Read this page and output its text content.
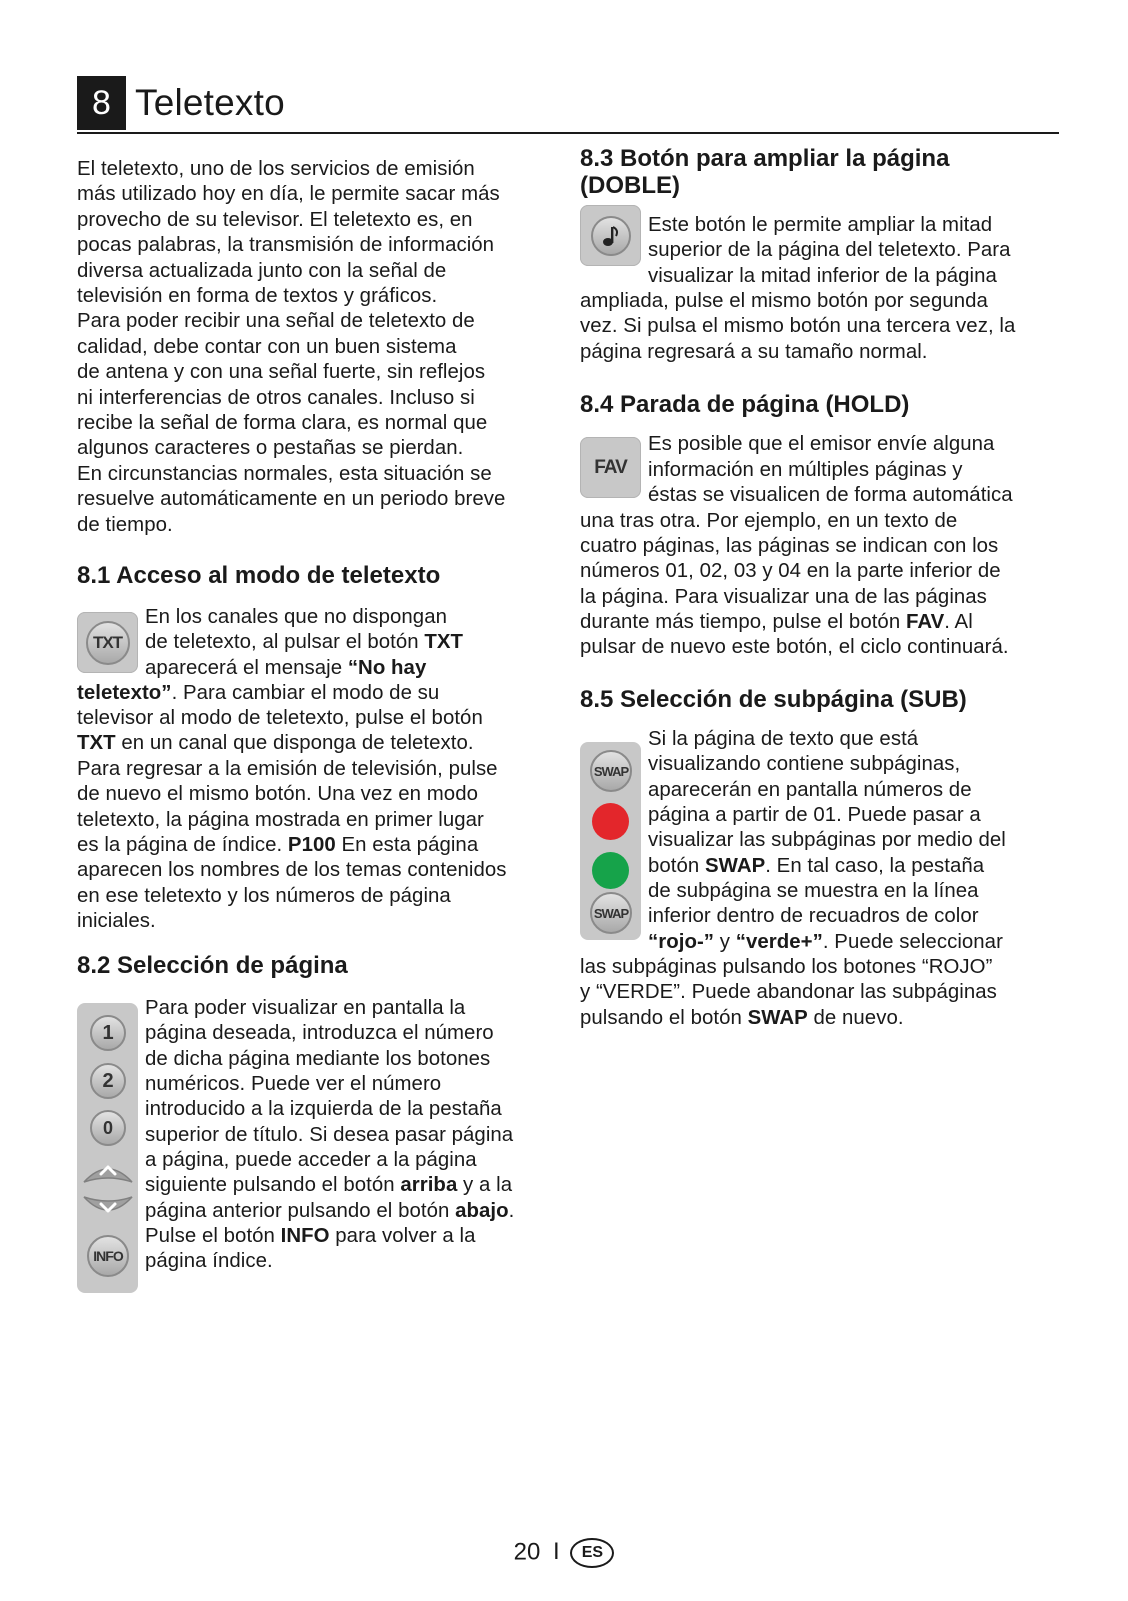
8 Teletexto
El teletexto, uno de los servicios de emisión
más utilizado hoy en día, le permite sacar más
provecho de su televisor. El teletexto es, en
pocas palabras, la transmisión de información
diversa actualizada junto con la señal de
televisión en forma de textos y gráficos.
Para poder recibir una señal de teletexto de
calidad, debe contar con un buen sistema
de antena y con una señal fuerte, sin reflejos
ni interferencias de otros canales. Incluso si
recibe la señal de forma clara, es normal que
algunos caracteres o pestañas se pierdan.
En circunstancias normales, esta situación se
resuelve automáticamente en un periodo breve
de tiempo.
8.1 Acceso al modo de teletexto
TXT
En los canales que no dispongan
de teletexto, al pulsar el botón TXT
aparecerá el mensaje “No hay
teletexto”. Para cambiar el modo de su
televisor al modo de teletexto, pulse el botón
TXT en un canal que disponga de teletexto.
Para regresar a la emisión de televisión, pulse
de nuevo el mismo botón. Una vez en modo
teletexto, la página mostrada en primer lugar
es la página de índice. P100 En esta página
aparecen los nombres de los temas contenidos
en ese teletexto y los números de página
iniciales.
8.2 Selección de página
1
2
0
INFO
Para poder visualizar en pantalla la
página deseada, introduzca el número
de dicha página mediante los botones
numéricos. Puede ver el número
introducido a la izquierda de la pestaña
superior de título. Si desea pasar página
a página, puede acceder a la página
siguiente pulsando el botón arriba y a la
página anterior pulsando el botón abajo.
Pulse el botón INFO para volver a la
página índice.
8.3 Botón para ampliar la página
(DOBLE)
Este botón le permite ampliar la mitad
superior de la página del teletexto. Para
visualizar la mitad inferior de la página
ampliada, pulse el mismo botón por segunda
vez. Si pulsa el mismo botón una tercera vez, la
página regresará a su tamaño normal.
8.4 Parada de página (HOLD)
FAV
Es posible que el emisor envíe alguna
información en múltiples páginas y
éstas se visualicen de forma automática
una tras otra. Por ejemplo, en un texto de
cuatro páginas, las páginas se indican con los
números 01, 02, 03 y 04 en la parte inferior de
la página. Para visualizar una de las páginas
durante más tiempo, pulse el botón FAV. Al
pulsar de nuevo este botón, el ciclo continuará.
8.5 Selección de subpágina (SUB)
SWAP
SWAP
Si la página de texto que está
visualizando contiene subpáginas,
aparecerán en pantalla números de
página a partir de 01. Puede pasar a
visualizar las subpáginas por medio del
botón SWAP. En tal caso, la pestaña
de subpágina se muestra en la línea
inferior dentro de recuadros de color
“rojo-” y “verde+”. Puede seleccionar
las subpáginas pulsando los botones “ROJO”
y “VERDE”. Puede abandonar las subpáginas
pulsando el botón SWAP de nuevo.
20 I ES
